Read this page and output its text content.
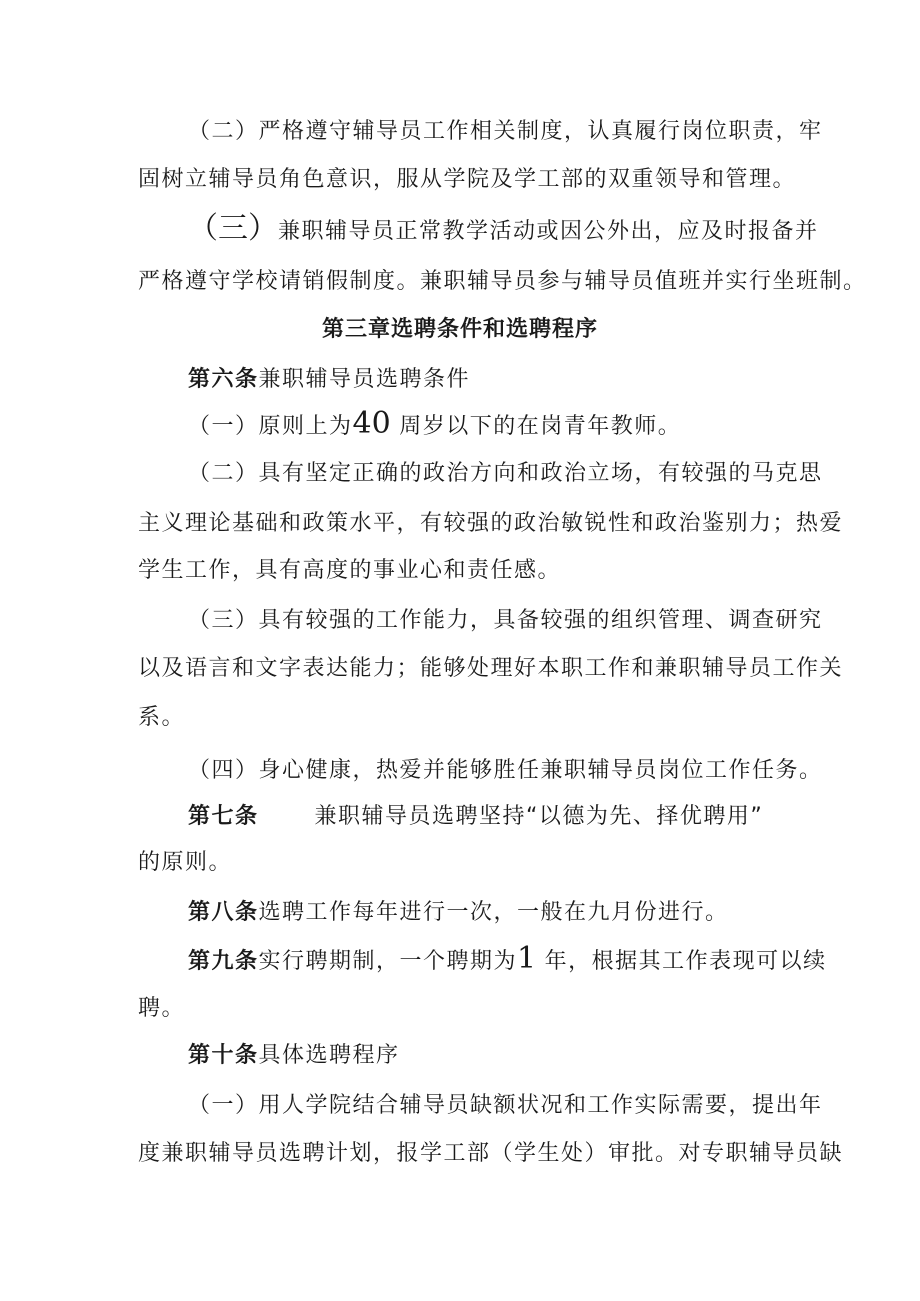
（二）严格遵守辅导员工作相关制度，认真履行岗位职责，牢
固树立辅导员角色意识，服从学院及学工部的双重领导和管理。
（三）兼职辅导员正常教学活动或因公外出，应及时报备并
严格遵守学校请销假制度。兼职辅导员参与辅导员值班并实行坐班制。
第三章选聘条件和选聘程序
第六条兼职辅导员选聘条件
（一）原则上为40 周岁以下的在岗青年教师。
（二）具有坚定正确的政治方向和政治立场，有较强的马克思
主义理论基础和政策水平，有较强的政治敏锐性和政治鉴别力；热爱
学生工作，具有高度的事业心和责任感。
（三）具有较强的工作能力，具备较强的组织管理、调查研究
以及语言和文字表达能力；能够处理好本职工作和兼职辅导员工作关
系。
（四）身心健康，热爱并能够胜任兼职辅导员岗位工作任务。
第七条	兼职辅导员选聘坚持“以德为先、择优聘用”
的原则。
第八条选聘工作每年进行一次，一般在九月份进行。
第九条实行聘期制，一个聘期为1 年，根据其工作表现可以续
聘。
第十条具体选聘程序
（一）用人学院结合辅导员缺额状况和工作实际需要，提出年
度兼职辅导员选聘计划，报学工部（学生处）审批。对专职辅导员缺
